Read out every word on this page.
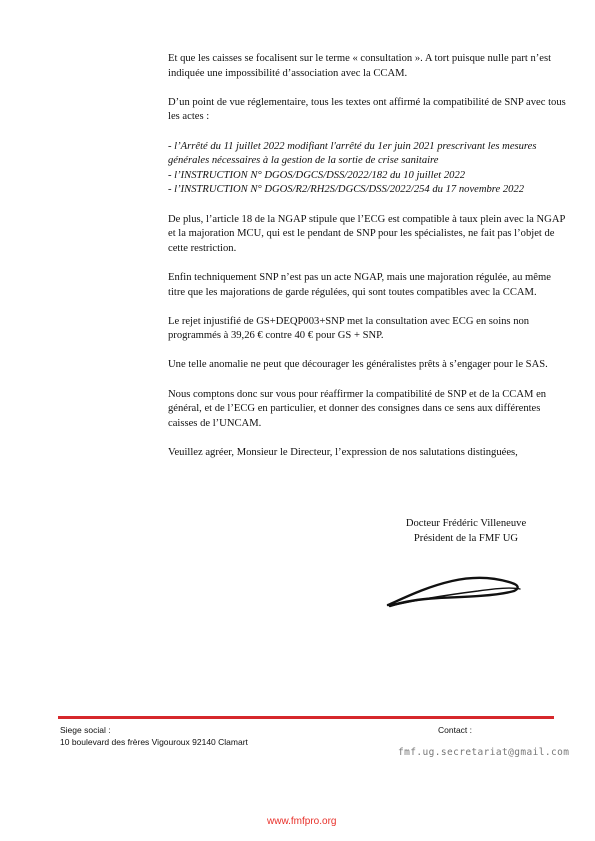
Et que les caisses se focalisent sur le terme « consultation ». A tort puisque nulle part n’est indiquée une impossibilité d’association avec la CCAM.

D’un point de vue réglementaire, tous les textes ont affirmé la compatibilité de SNP avec tous les actes :

- l’Arrêté du 11 juillet 2022 modifiant l'arrêté du 1er juin 2021 prescrivant les mesures générales nécessaires à la gestion de la sortie de crise sanitaire
- l’INSTRUCTION N° DGOS/DGCS/DSS/2022/182 du 10 juillet 2022
- l’INSTRUCTION N° DGOS/R2/RH2S/DGCS/DSS/2022/254 du 17 novembre 2022

De plus, l’article 18 de la NGAP stipule que l’ECG est compatible à taux plein avec la NGAP et la majoration MCU, qui est le pendant de SNP pour les spécialistes, ne fait pas l’objet de cette restriction.

Enfin techniquement SNP n’est pas un acte NGAP, mais une majoration régulée, au même titre que les majorations de garde régulées, qui sont toutes compatibles avec la CCAM.

Le rejet injustifié de GS+DEQP003+SNP met la consultation avec ECG en soins non programmés à 39,26 € contre 40 € pour GS + SNP.

Une telle anomalie ne peut que décourager les généralistes prêts à s’engager pour le SAS.

Nous comptons donc sur vous pour réaffirmer la compatibilité de SNP et de la CCAM en général, et de l’ECG en particulier, et donner des consignes dans ce sens aux différentes caisses de l’UNCAM.

Veuillez agréer, Monsieur le Directeur, l’expression de nos salutations distinguées,

Docteur Frédéric Villeneuve
Président de la FMF UG
Siege social :
10 boulevard des frères Vigouroux 92140 Clamart
Contact :
fmf.ug.secretariat@gmail.com
www.fmfpro.org
